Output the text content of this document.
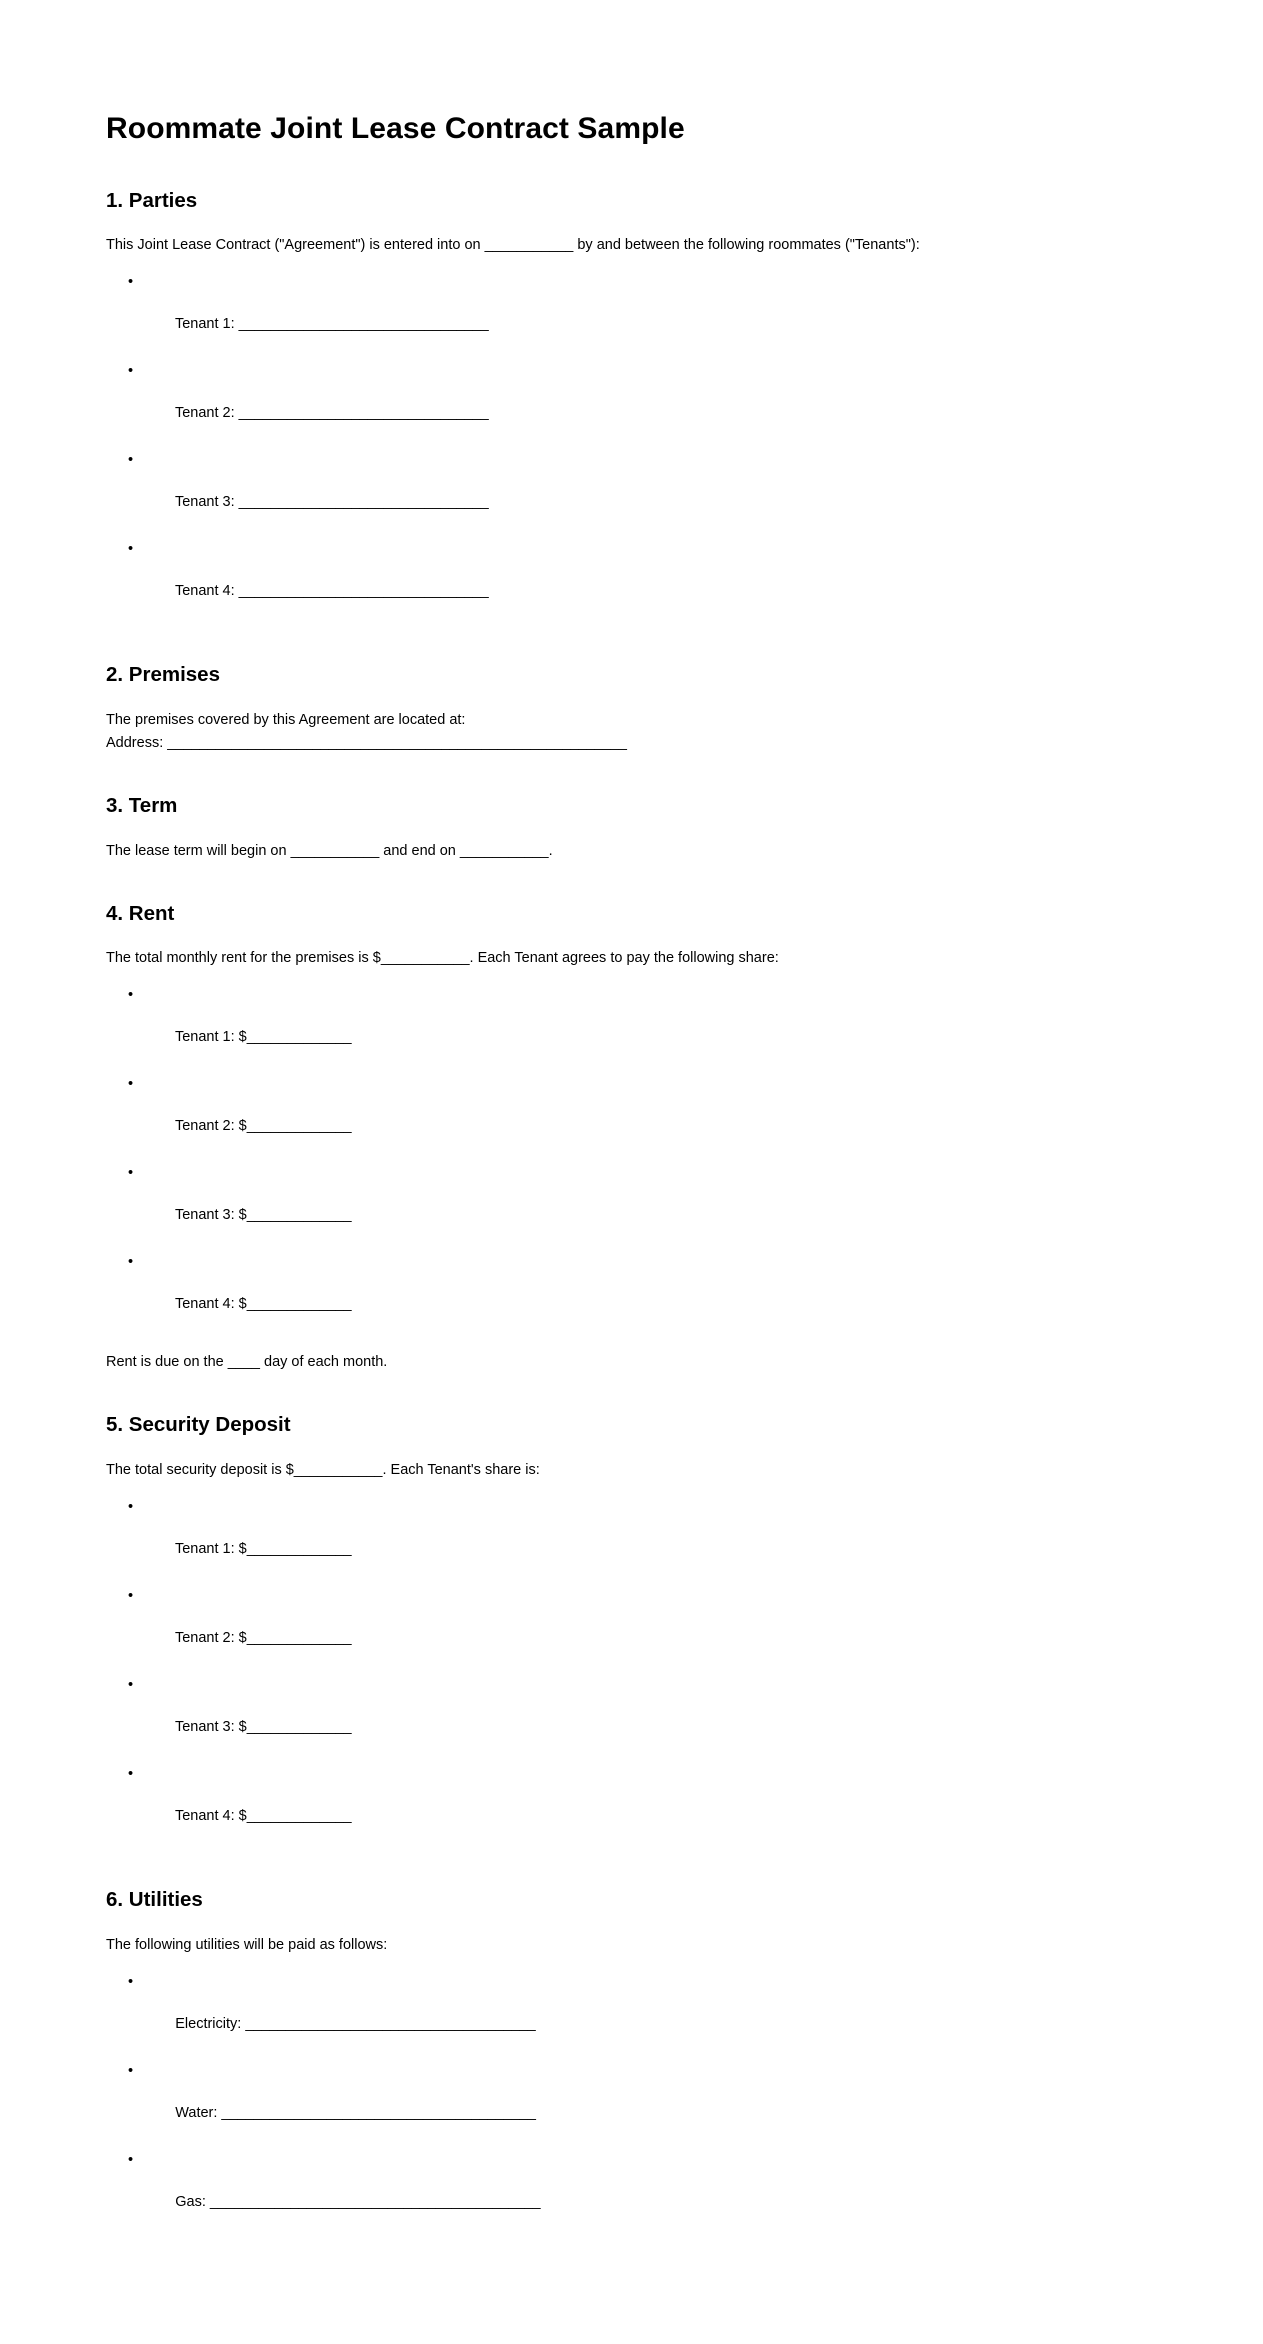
Roommate Joint Lease Contract Sample
1. Parties

This Joint Lease Contract ("Agreement") is entered into on ___________ by and between the following roommates ("Tenants"):

•

Tenant 1: _______________________________

•

Tenant 2: _______________________________

•

Tenant 3: _______________________________

•

Tenant 4: _______________________________

2. Premises

The premises covered by this Agreement are located at:

Address: _________________________________________________________

3. Term

The lease term will begin on ___________ and end on ___________.

4. Rent

The total monthly rent for the premises is $___________. Each Tenant agrees to pay the following share:

•

Tenant 1: $_____________

•

Tenant 2: $_____________

•

Tenant 3: $_____________

•

Tenant 4: $_____________

Rent is due on the ____ day of each month.

5. Security Deposit

The total security deposit is $___________. Each Tenant's share is:

•

Tenant 1: $_____________

•

Tenant 2: $_____________

•

Tenant 3: $_____________

•

Tenant 4: $_____________

6. Utilities

The following utilities will be paid as follows:

•

Electricity: ____________________________________

•

Water: _______________________________________

•

Gas: _________________________________________
